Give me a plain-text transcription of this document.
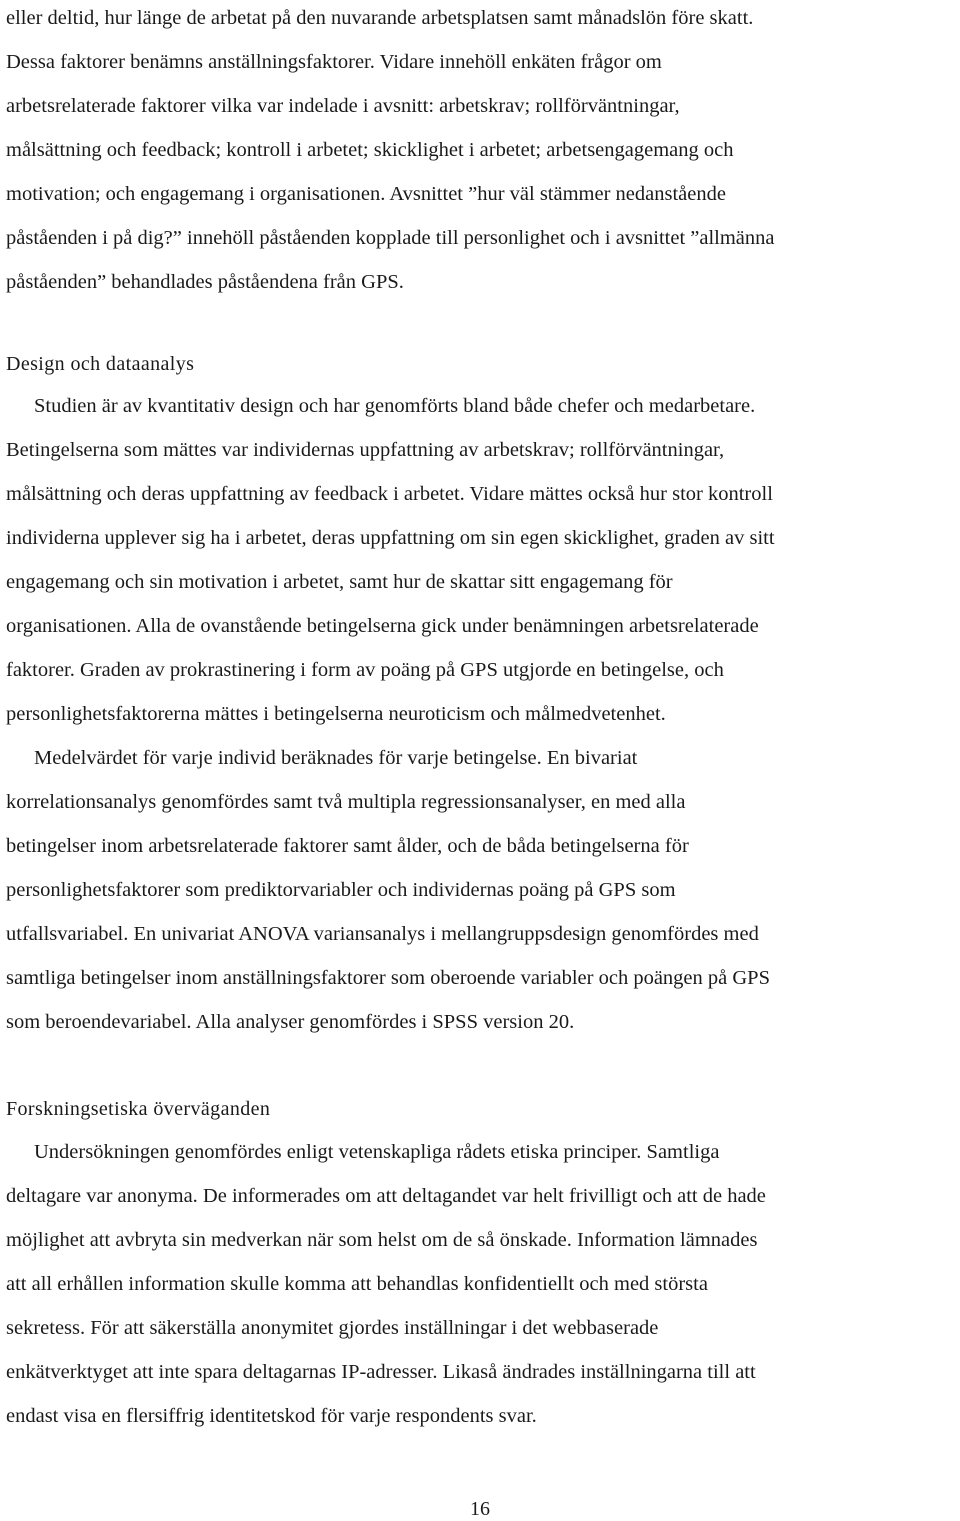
eller deltid, hur länge de arbetat på den nuvarande arbetsplatsen samt månadslön före skatt.
Dessa faktorer benämns anställningsfaktorer. Vidare innehöll enkäten frågor om
arbetsrelaterade faktorer vilka var indelade i avsnitt: arbetskrav; rollförväntningar,
målsättning och feedback; kontroll i arbetet; skicklighet i arbetet; arbetsengagemang och
motivation; och engagemang i organisationen. Avsnittet ”hur väl stämmer nedanstående
påståenden i på dig?” innehöll påståenden kopplade till personlighet och i avsnittet ”allmänna
påståenden” behandlades påståendena från GPS.
Design och dataanalys
Studien är av kvantitativ design och har genomförts bland både chefer och medarbetare.
Betingelserna som mättes var individernas uppfattning av arbetskrav; rollförväntningar,
målsättning och deras uppfattning av feedback i arbetet. Vidare mättes också hur stor kontroll
individerna upplever sig ha i arbetet, deras uppfattning om sin egen skicklighet, graden av sitt
engagemang och sin motivation i arbetet, samt hur de skattar sitt engagemang för
organisationen. Alla de ovanstående betingelserna gick under benämningen arbetsrelaterade
faktorer. Graden av prokrastinering i form av poäng på GPS utgjorde en betingelse, och
personlighetsfaktorerna mättes i betingelserna neuroticism och målmedvetenhet.
Medelvärdet för varje individ beräknades för varje betingelse. En bivariat
korrelationsanalys genomfördes samt två multipla regressionsanalyser, en med alla
betingelser inom arbetsrelaterade faktorer samt ålder, och de båda betingelserna för
personlighetsfaktorer som prediktorvariabler och individernas poäng på GPS som
utfallsvariabel. En univariat ANOVA variansanalys i mellangruppsdesign genomfördes med
samtliga betingelser inom anställningsfaktorer som oberoende variabler och poängen på GPS
som beroendevariabel. Alla analyser genomfördes i SPSS version 20.
Forskningsetiska överväganden
Undersökningen genomfördes enligt vetenskapliga rådets etiska principer. Samtliga
deltagare var anonyma. De informerades om att deltagandet var helt frivilligt och att de hade
möjlighet att avbryta sin medverkan när som helst om de så önskade. Information lämnades
att all erhållen information skulle komma att behandlas konfidentiellt och med största
sekretess. För att säkerställa anonymitet gjordes inställningar i det webbaserade
enkätverktyget att inte spara deltagarnas IP-adresser. Likaså ändrades inställningarna till att
endast visa en flersiffrig identitetskod för varje respondents svar.
16
